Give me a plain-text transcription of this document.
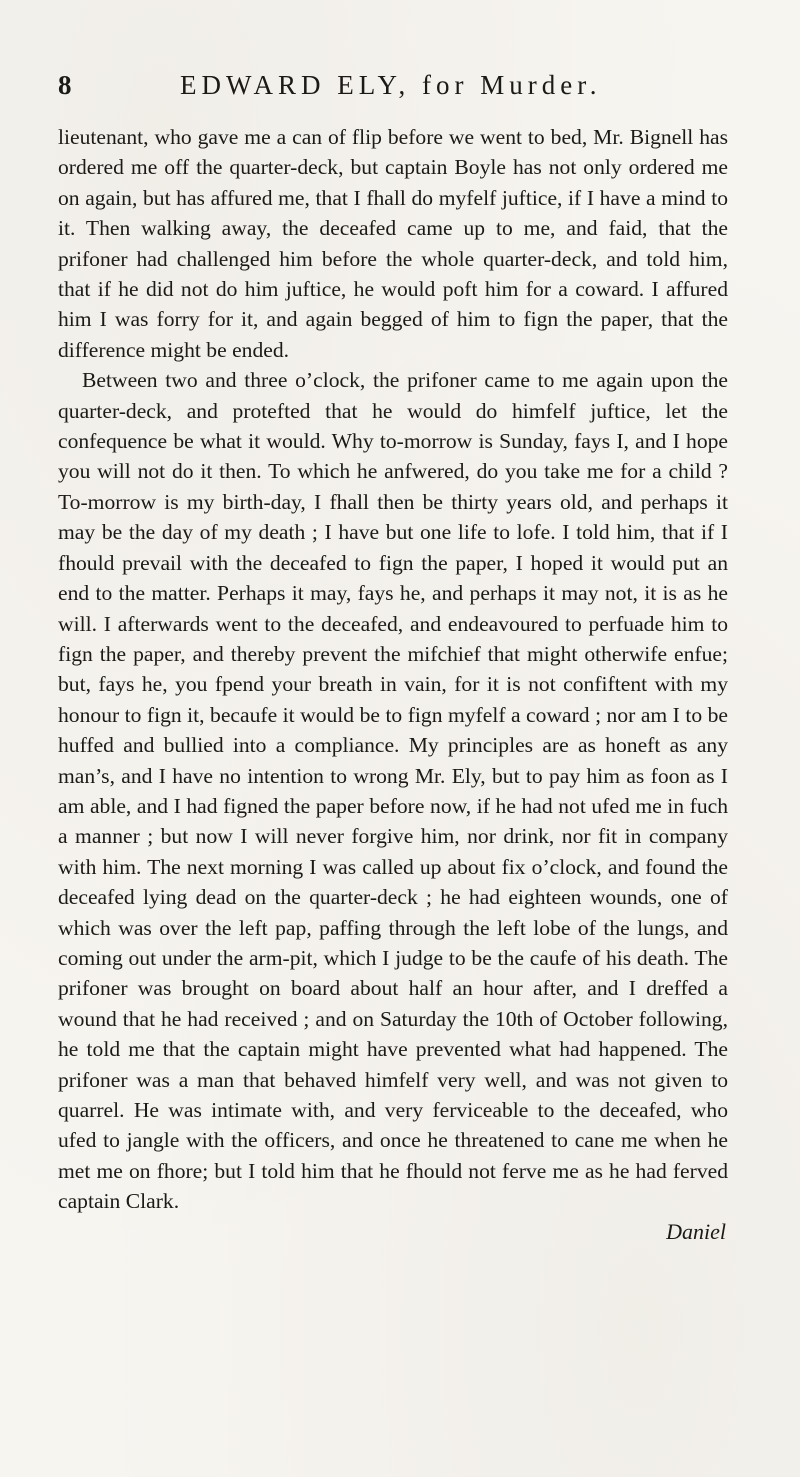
8	EDWARD ELY, for Murder.

lieutenant, who gave me a can of flip before we went to bed, Mr. Bignell has ordered me off the quarter-deck, but captain Boyle has not only ordered me on again, but has affured me, that I fhall do myfelf juftice, if I have a mind to it. Then walking away, the deceafed came up to me, and faid, that the prifoner had challenged him before the whole quarter-deck, and told him, that if he did not do him juftice, he would poft him for a coward. I affured him I was forry for it, and again begged of him to fign the paper, that the difference might be ended.

Between two and three o’clock, the prifoner came to me again upon the quarter-deck, and protefted that he would do himfelf juftice, let the confequence be what it would. Why to-morrow is Sunday, fays I, and I hope you will not do it then. To which he anfwered, do you take me for a child ? To-morrow is my birth-day, I fhall then be thirty years old, and perhaps it may be the day of my death ; I have but one life to lofe. I told him, that if I fhould prevail with the deceafed to fign the paper, I hoped it would put an end to the matter. Perhaps it may, fays he, and perhaps it may not, it is as he will. I afterwards went to the deceafed, and endeavoured to perfuade him to fign the paper, and thereby prevent the mifchief that might otherwife enfue; but, fays he, you fpend your breath in vain, for it is not confiftent with my honour to fign it, becaufe it would be to fign myfelf a coward ; nor am I to be huffed and bullied into a compliance. My principles are as honeft as any man’s, and I have no intention to wrong Mr. Ely, but to pay him as foon as I am able, and I had figned the paper before now, if he had not ufed me in fuch a manner ; but now I will never forgive him, nor drink, nor fit in company with him. The next morning I was called up about fix o’clock, and found the deceafed lying dead on the quarter-deck ; he had eighteen wounds, one of which was over the left pap, paffing through the left lobe of the lungs, and coming out under the arm-pit, which I judge to be the caufe of his death. The prifoner was brought on board about half an hour after, and I dreffed a wound that he had received ; and on Saturday the 10th of October following, he told me that the captain might have prevented what had happened. The prifoner was a man that behaved himfelf very well, and was not given to quarrel. He was intimate with, and very ferviceable to the deceafed, who ufed to jangle with the officers, and once he threatened to cane me when he met me on fhore; but I told him that he fhould not ferve me as he had ferved captain Clark.

Daniel
